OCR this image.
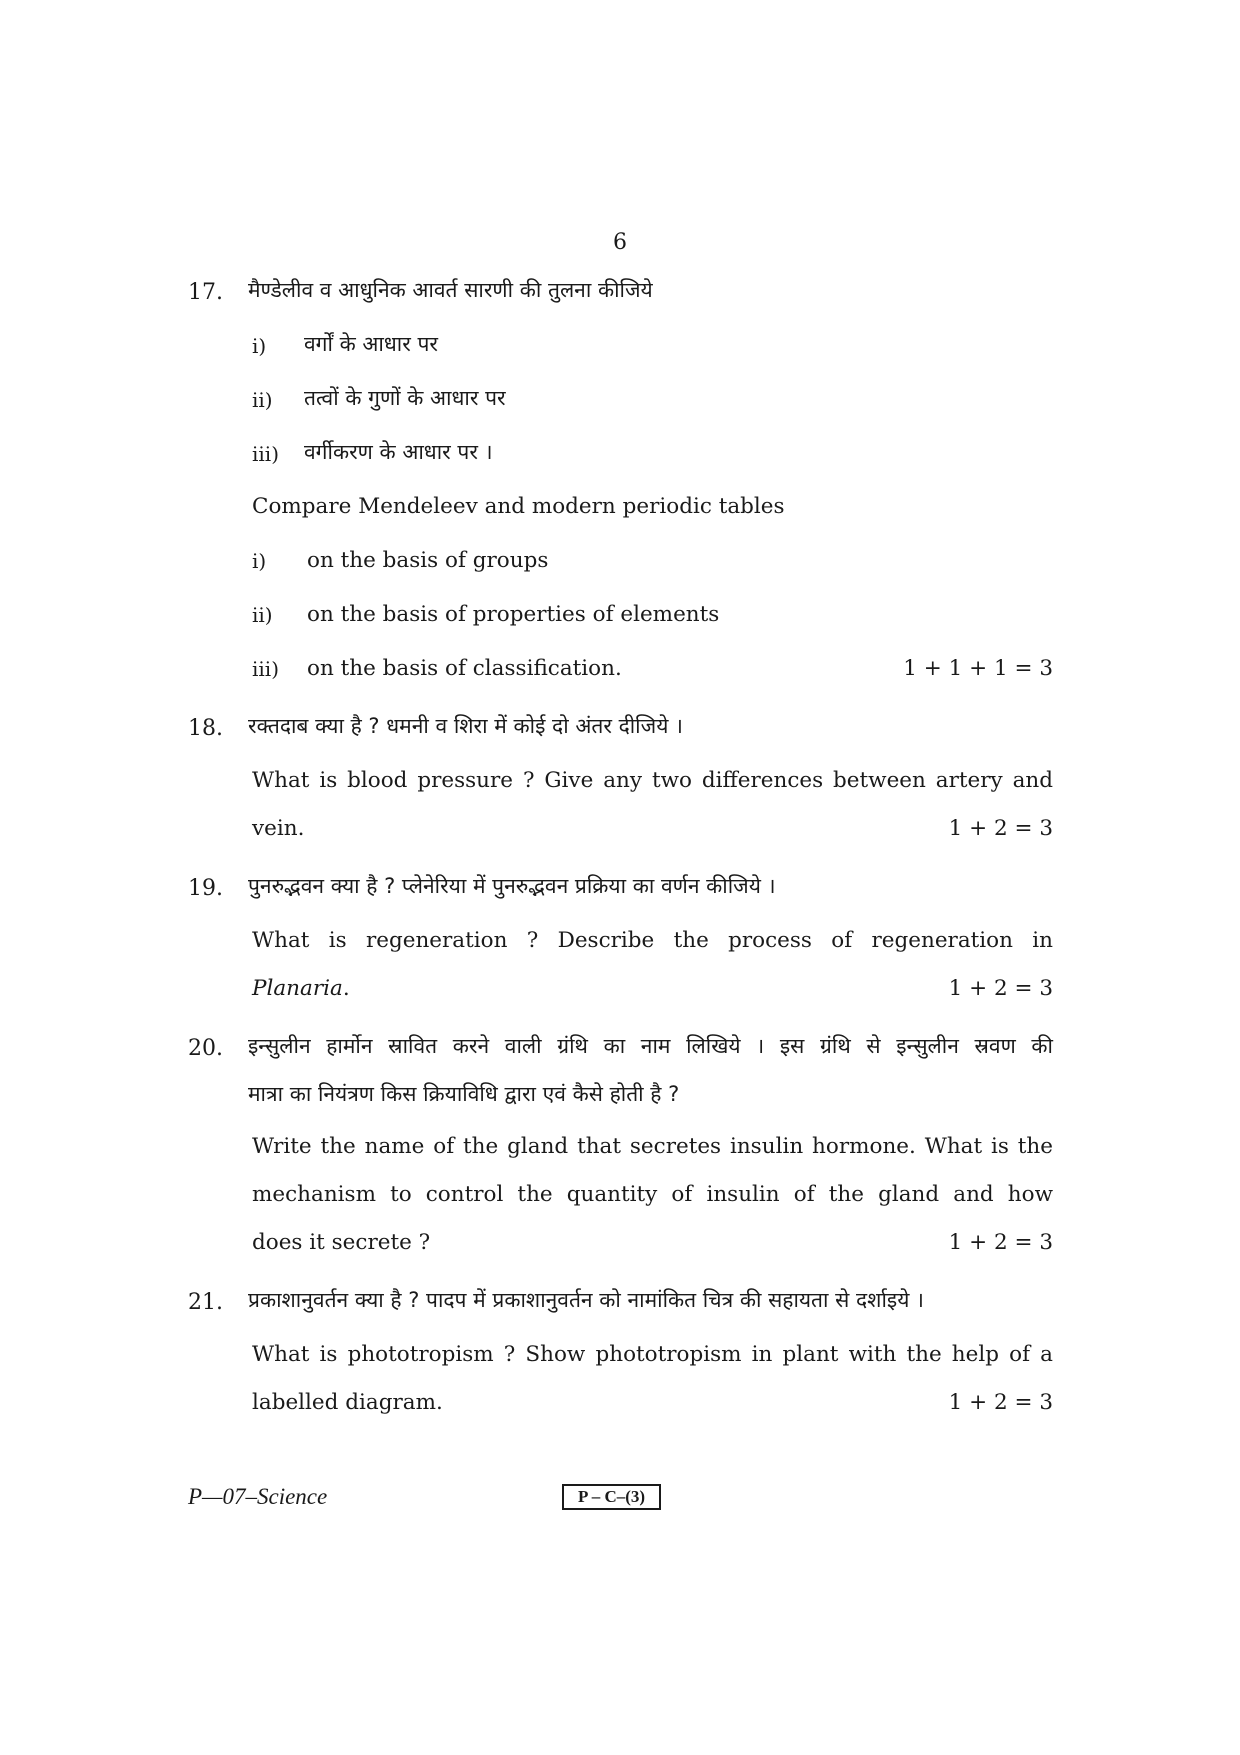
6
17. मैण्डेलीव व आधुनिक आवर्त सारणी की तुलना कीजिये
i) वर्गों के आधार पर
ii) तत्वों के गुणों के आधार पर
iii) वर्गीकरण के आधार पर ।
Compare Mendeleev and modern periodic tables
i) on the basis of groups
ii) on the basis of properties of elements
iii) on the basis of classification.	1 + 1 + 1 = 3
18. रक्तदाब क्या है ? धमनी व शिरा में कोई दो अंतर दीजिये ।
What is blood pressure ? Give any two differences between artery and
vein.	1 + 2 = 3
19. पुनरुद्भवन क्या है ? प्लेनेरिया में पुनरुद्भवन प्रक्रिया का वर्णन कीजिये ।
What is regeneration ? Describe the process of regeneration in
Planaria.	1 + 2 = 3
20. इन्सुलीन हार्मोन स्रावित करने वाली ग्रंथि का नाम लिखिये । इस ग्रंथि से इन्सुलीन स्रवण की
मात्रा का नियंत्रण किस क्रियाविधि द्वारा एवं कैसे होती है ?
Write the name of the gland that secretes insulin hormone. What is the
mechanism to control the quantity of insulin of the gland and how
does it secrete ?	1 + 2 = 3
21. प्रकाशानुवर्तन क्या है ? पादप में प्रकाशानुवर्तन को नामांकित चित्र की सहायता से दर्शाइये ।
What is phototropism ? Show phototropism in plant with the help of a
labelled diagram.	1 + 2 = 3
P—07–Science	P – C–(3)
